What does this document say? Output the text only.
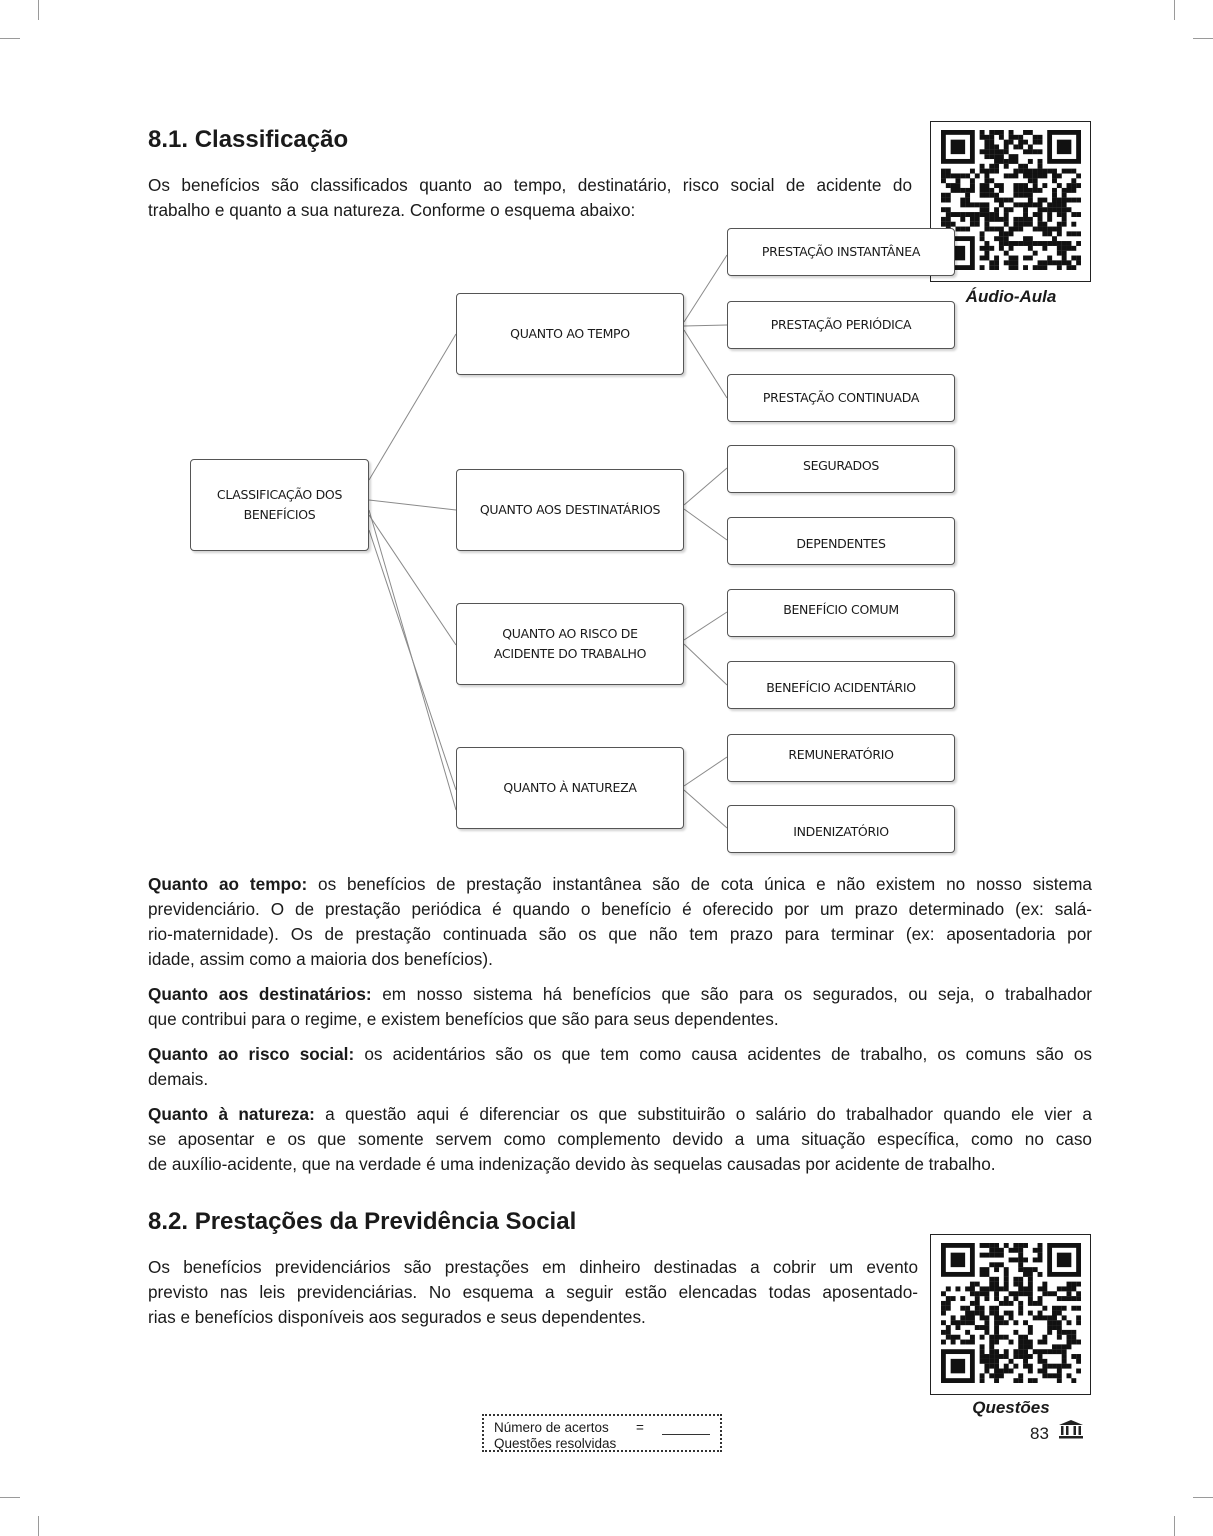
8.1. Classificação

Os benefícios são classificados quanto ao tempo, destinatário, risco social de acidente do

trabalho e quanto a sua natureza. Conforme o esquema abaixo:

Áudio-Aula
CLASSIFICAÇÃO DOS
BENEFÍCIOS
QUANTO AO TEMPO
QUANTO AOS DESTINATÁRIOS
QUANTO AO RISCO DE
ACIDENTE DO TRABALHO
QUANTO À NATUREZA
PRESTAÇÃO INSTANTÂNEA
PRESTAÇÃO PERIÓDICA
PRESTAÇÃO CONTINUADA
SEGURADOS
DEPENDENTES
BENEFÍCIO COMUM
BENEFÍCIO ACIDENTÁRIO
REMUNERATÓRIO
INDENIZATÓRIO

Quanto ao tempo: os benefícios de prestação instantânea são de cota única e não existem no nosso sistema

previdenciário. O de prestação periódica é quando o benefício é oferecido por um prazo determinado (ex: salá-

rio-maternidade). Os de prestação continuada são os que não tem prazo para terminar (ex: aposentadoria por

idade, assim como a maioria dos benefícios).

Quanto aos destinatários: em nosso sistema há benefícios que são para os segurados, ou seja, o trabalhador

que contribui para o regime, e existem benefícios que são para seus dependentes.

Quanto ao risco social: os acidentários são os que tem como causa acidentes de trabalho, os comuns são os

demais.

Quanto à natureza: a questão aqui é diferenciar os que substituirão o salário do trabalhador quando ele vier a

se aposentar e os que somente servem como complemento devido a uma situação específica, como no caso

de auxílio-acidente, que na verdade é uma indenização devido às sequelas causadas por acidente de trabalho.

8.2. Prestações da Previdência Social

Os benefícios previdenciários são prestações em dinheiro destinadas a cobrir um evento

previsto nas leis previdenciárias. No esquema a seguir estão elencadas todas aposentado-

rias e benefícios disponíveis aos segurados e seus dependentes.

Questões
Número de acertos =
Questões resolvidas
83
